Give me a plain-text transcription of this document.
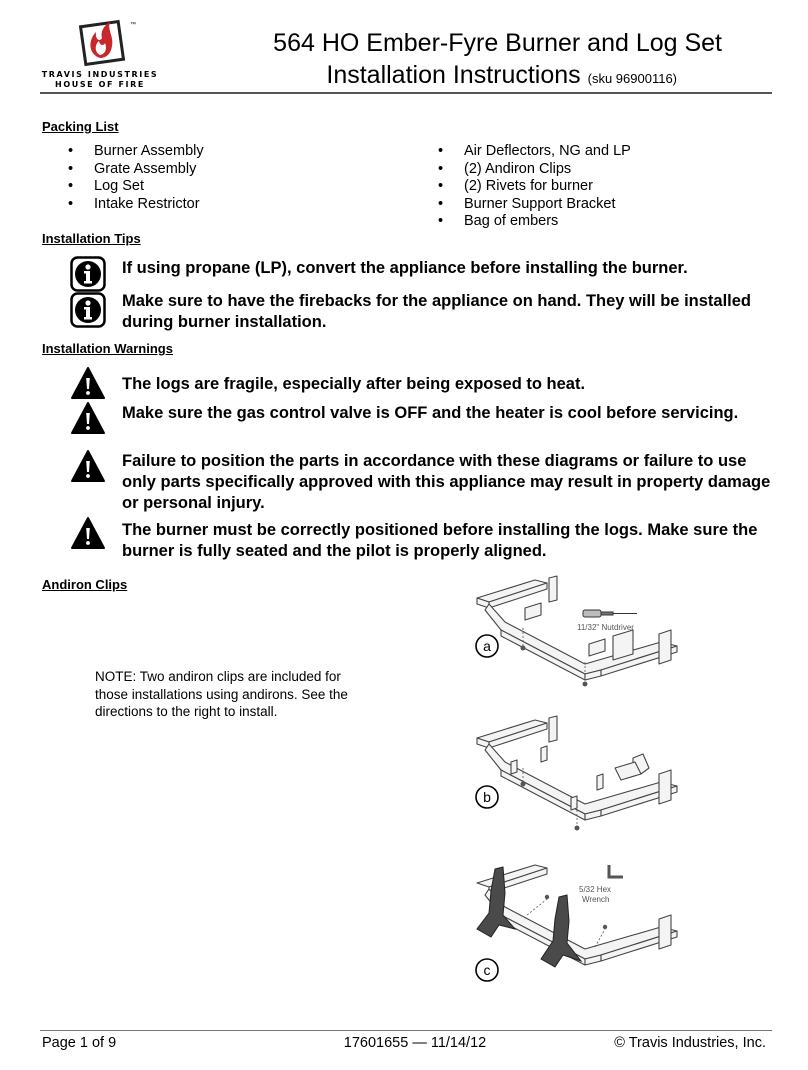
™
TRAVIS INDUSTRIES
HOUSE OF FIRE
564 HO Ember-Fyre Burner and Log Set
Installation Instructions (sku 96900116)
Packing List
• Burner Assembly
• Grate Assembly
• Log Set
• Intake Restrictor
• Air Deflectors, NG and LP
• (2) Andiron Clips
• (2) Rivets for burner
• Burner Support Bracket
• Bag of embers
Installation Tips
If using propane (LP), convert the appliance before installing the burner.
Make sure to have the firebacks for the appliance on hand. They will be installed during burner installation.
Installation Warnings
The logs are fragile, especially after being exposed to heat.
Make sure the gas control valve is OFF and the heater is cool before servicing.
Failure to position the parts in accordance with these diagrams or failure to use only parts specifically approved with this appliance may result in property damage or personal injury.
The burner must be correctly positioned before installing the logs. Make sure the burner is fully seated and the pilot is properly aligned.
Andiron Clips
NOTE: Two andiron clips are included for those installations using andirons. See the directions to the right to install.
11/32" Nutdriver
a
b
5/32 Hex
Wrench
c
Page 1 of 9	17601655 — 11/14/12	© Travis Industries, Inc.
